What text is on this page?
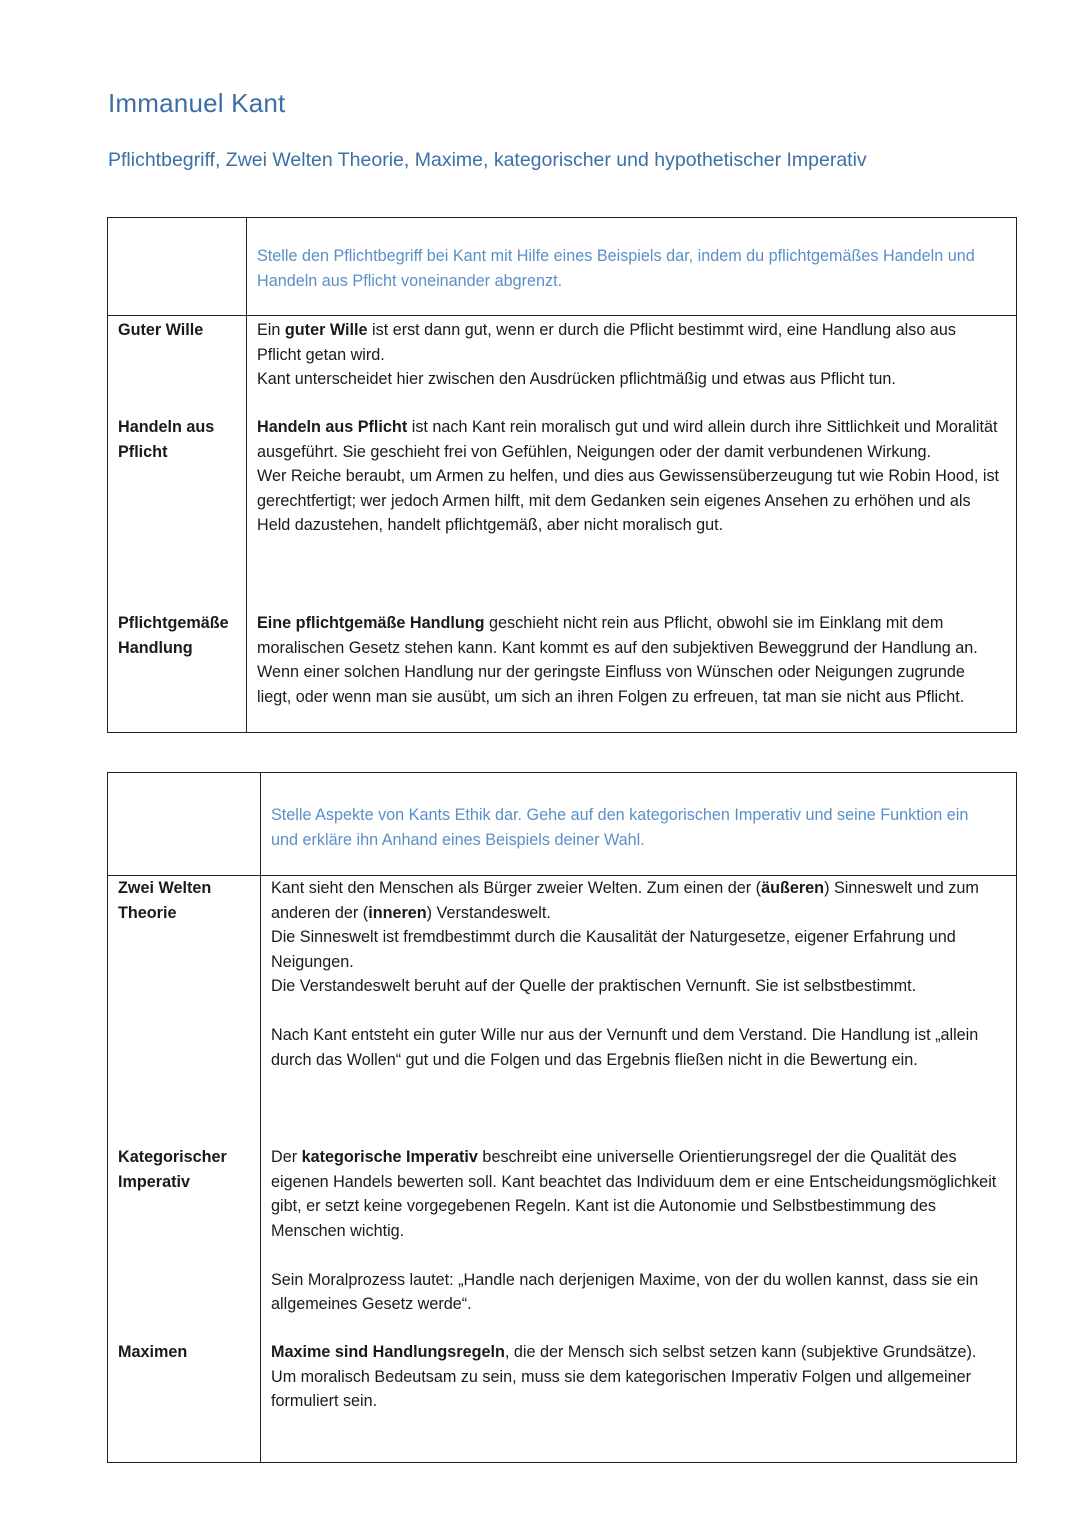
Immanuel Kant
Pflichtbegriff, Zwei Welten Theorie, Maxime, kategorischer und hypothetischer Imperativ
Stelle den Pflichtbegriff bei Kant mit Hilfe eines Beispiels dar, indem du pflichtgemäßes Handeln und Handeln aus Pflicht voneinander abgrenzt.
Guter Wille	Ein guter Wille ist erst dann gut, wenn er durch die Pflicht bestimmt wird, eine Handlung also aus Pflicht getan wird.

Kant unterscheidet hier zwischen den Ausdrücken pflichtmäßig und etwas aus Pflicht tun.

Handeln aus Pflicht

Handeln aus Pflicht ist nach Kant rein moralisch gut und wird allein durch ihre Sittlichkeit und Moralität ausgeführt. Sie geschieht frei von Gefühlen, Neigungen oder der damit verbundenen Wirkung.

Wer Reiche beraubt, um Armen zu helfen, und dies aus Gewissensüberzeugung tut wie Robin Hood, ist gerechtfertigt; wer jedoch Armen hilft, mit dem Gedanken sein eigenes Ansehen zu erhöhen und als Held dazustehen, handelt pflichtgemäß, aber nicht moralisch gut.

Pflichtgemäße Handlung

Eine pflichtgemäße Handlung geschieht nicht rein aus Pflicht, obwohl sie im Einklang mit dem moralischen Gesetz stehen kann. Kant kommt es auf den subjektiven Beweggrund der Handlung an. Wenn einer solchen Handlung nur der geringste Einfluss von Wünschen oder Neigungen zugrunde liegt, oder wenn man sie ausübt, um sich an ihren Folgen zu erfreuen, tat man sie nicht aus Pflicht.

Stelle Aspekte von Kants Ethik dar. Gehe auf den kategorischen Imperativ und seine Funktion ein und erkläre ihn Anhand eines Beispiels deiner Wahl.
Zwei Welten Theorie

Kant sieht den Menschen als Bürger zweier Welten. Zum einen der (äußeren) Sinneswelt und zum anderen der (inneren) Verstandeswelt.

Die Sinneswelt ist fremdbestimmt durch die Kausalität der Naturgesetze, eigener Erfahrung und Neigungen.

Die Verstandeswelt beruht auf der Quelle der praktischen Vernunft. Sie ist selbstbestimmt.

Nach Kant entsteht ein guter Wille nur aus der Vernunft und dem Verstand. Die Handlung ist „allein durch das Wollen“ gut und die Folgen und das Ergebnis fließen nicht in die Bewertung ein.

Kategorischer Imperativ

Der kategorische Imperativ beschreibt eine universelle Orientierungsregel der die Qualität des eigenen Handels bewerten soll. Kant beachtet das Individuum dem er eine Entscheidungsmöglichkeit gibt, er setzt keine vorgegebenen Regeln. Kant ist die Autonomie und Selbstbestimmung des Menschen wichtig.

Sein Moralprozess lautet: „Handle nach derjenigen Maxime, von der du wollen kannst, dass sie ein allgemeines Gesetz werde“.

Maximen	Maxime sind Handlungsregeln, die der Mensch sich selbst setzen kann (subjektive Grundsätze).

Um moralisch Bedeutsam zu sein, muss sie dem kategorischen Imperativ Folgen und allgemeiner formuliert sein.
